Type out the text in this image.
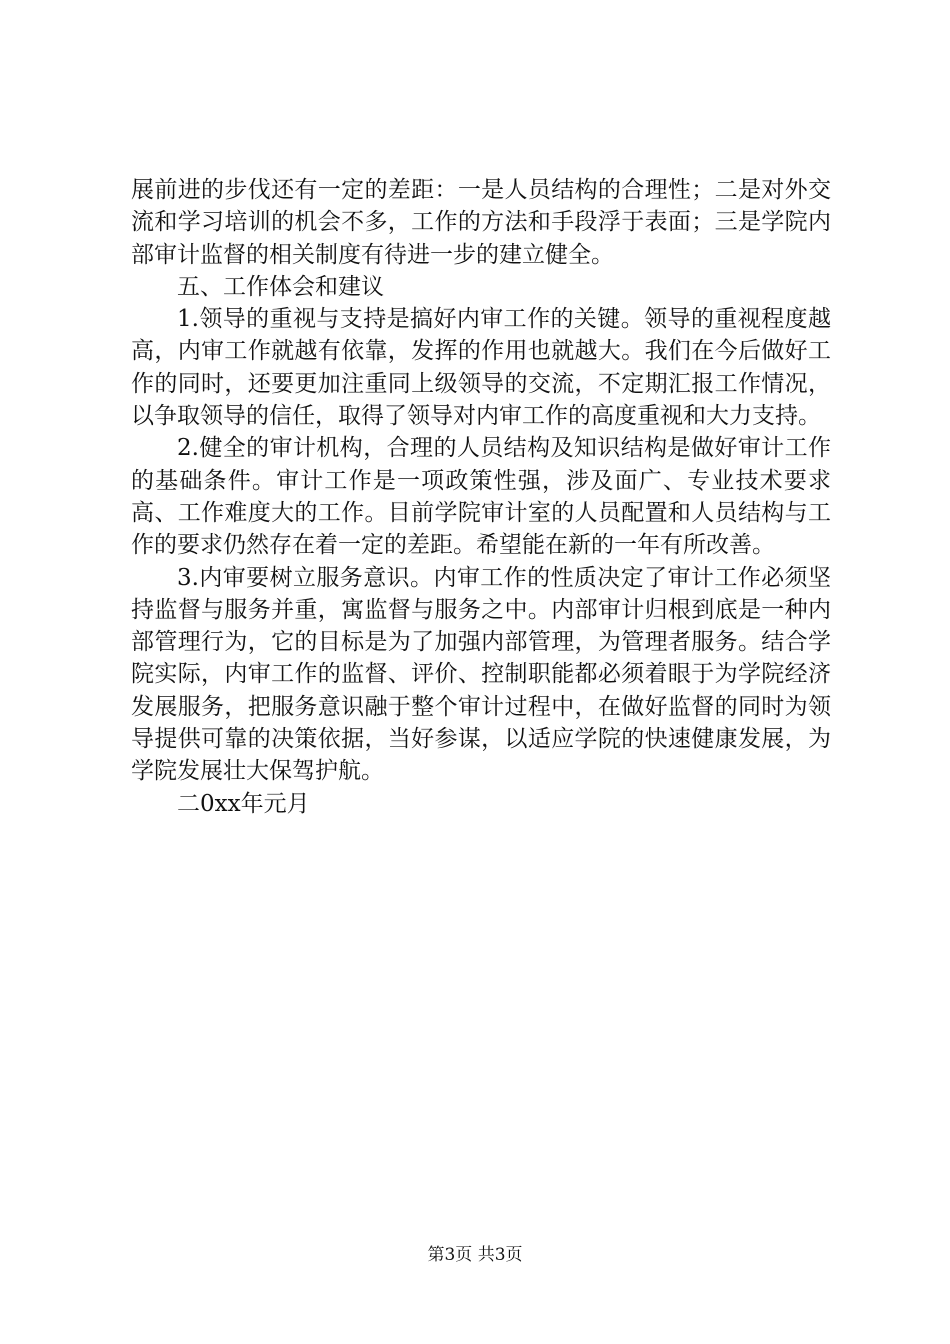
展前进的步伐还有一定的差距：一是人员结构的合理性；二是对外交流和学习培训的机会不多，工作的方法和手段浮于表面；三是学院内部审计监督的相关制度有待进一步的建立健全。

五、工作体会和建议

1.领导的重视与支持是搞好内审工作的关键。领导的重视程度越高，内审工作就越有依靠，发挥的作用也就越大。我们在今后做好工作的同时，还要更加注重同上级领导的交流，不定期汇报工作情况，以争取领导的信任，取得了领导对内审工作的高度重视和大力支持。

2.健全的审计机构，合理的人员结构及知识结构是做好审计工作的基础条件。审计工作是一项政策性强，涉及面广、专业技术要求高、工作难度大的工作。目前学院审计室的人员配置和人员结构与工作的要求仍然存在着一定的差距。希望能在新的一年有所改善。

3.内审要树立服务意识。内审工作的性质决定了审计工作必须坚持监督与服务并重，寓监督与服务之中。内部审计归根到底是一种内部管理行为，它的目标是为了加强内部管理，为管理者服务。结合学院实际，内审工作的监督、评价、控制职能都必须着眼于为学院经济发展服务，把服务意识融于整个审计过程中，在做好监督的同时为领导提供可靠的决策依据，当好参谋，以适应学院的快速健康发展，为学院发展壮大保驾护航。

二0xx年元月

第3页 共3页
